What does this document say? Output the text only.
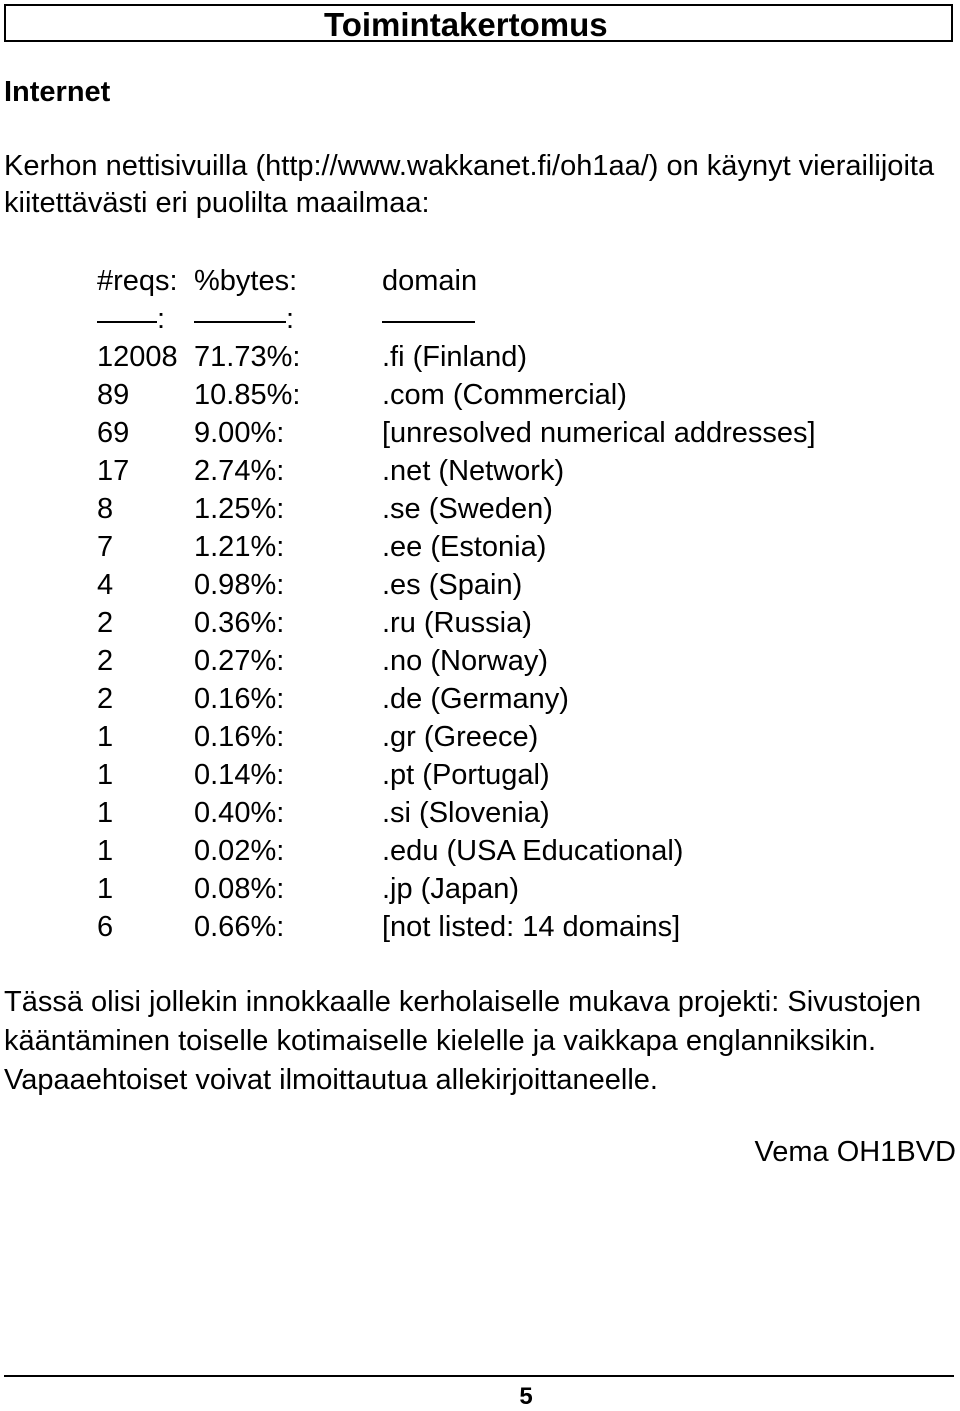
Toimintakertomus
Internet

Kerhon nettisivuilla (http://www.wakkanet.fi/oh1aa/) on käynyt vierailijoita kiitettävästi eri puolilta maailmaa:

#reqs:	%bytes:	domain
:	:	
12008	71.73%:	.fi (Finland)
89	10.85%:	.com (Commercial)
69	9.00%:	[unresolved numerical addresses]
17	2.74%:	.net (Network)
8	1.25%:	.se (Sweden)
7	1.21%:	.ee (Estonia)
4	0.98%:	.es (Spain)
2	0.36%:	.ru (Russia)
2	0.27%:	.no (Norway)
2	0.16%:	.de (Germany)
1	0.16%:	.gr (Greece)
1	0.14%:	.pt (Portugal)
1	0.40%:	.si (Slovenia)
1	0.02%:	.edu (USA Educational)
1	0.08%:	.jp (Japan)
6	0.66%:	[not listed: 14 domains]

Tässä olisi jollekin innokkaalle kerholaiselle mukava projekti: Sivustojen kääntäminen toiselle kotimaiselle kielelle ja vaikkapa englanniksikin. Vapaaehtoiset voivat ilmoittautua allekirjoittaneelle.

Vema OH1BVD

5
